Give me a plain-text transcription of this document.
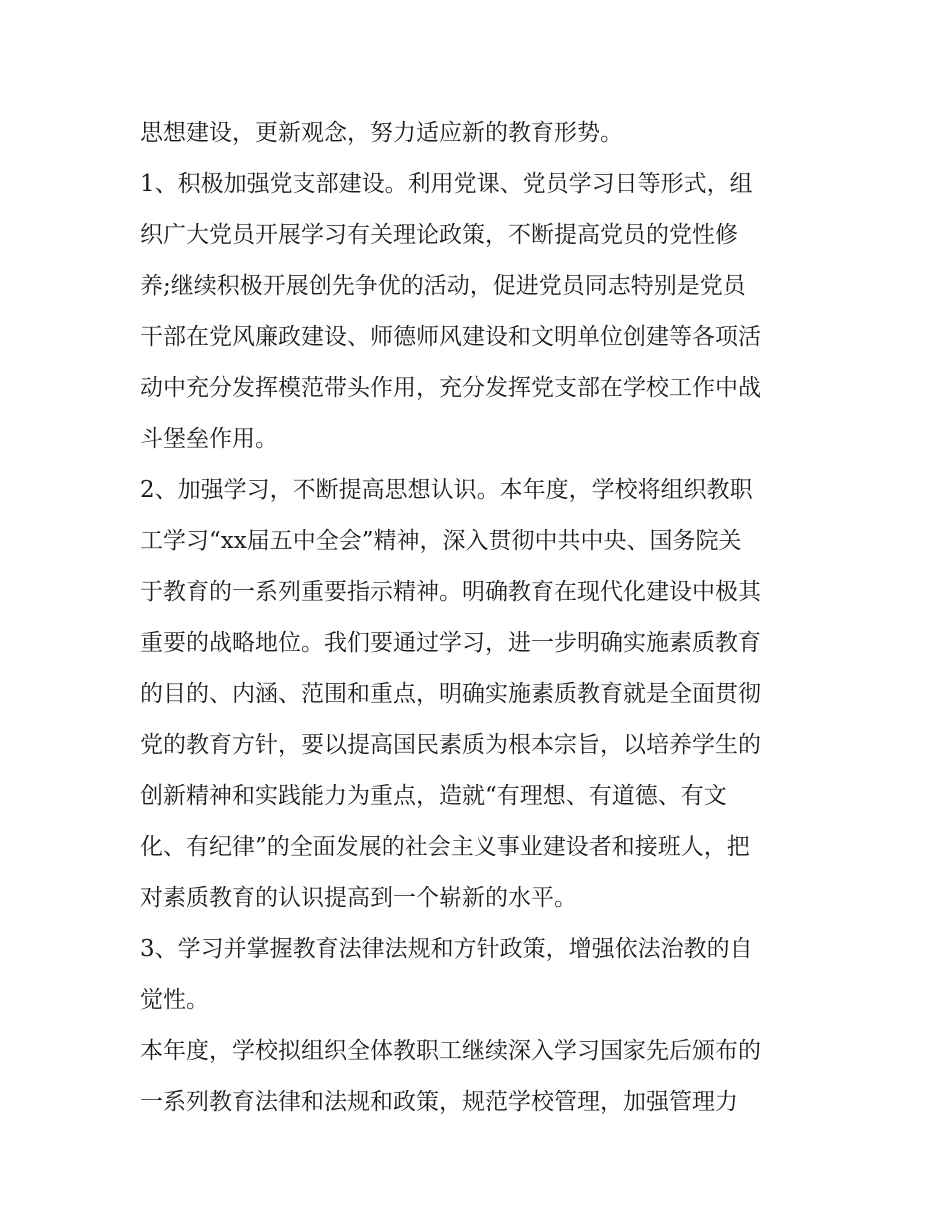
思想建设，更新观念，努力适应新的教育形势。
1、积极加强党支部建设。利用党课、党员学习日等形式，组
织广大党员开展学习有关理论政策，不断提高党员的党性修
养;继续积极开展创先争优的活动，促进党员同志特别是党员
干部在党风廉政建设、师德师风建设和文明单位创建等各项活
动中充分发挥模范带头作用，充分发挥党支部在学校工作中战
斗堡垒作用。
2、加强学习，不断提高思想认识。本年度，学校将组织教职
工学习“xx届五中全会”精神，深入贯彻中共中央、国务院关
于教育的一系列重要指示精神。明确教育在现代化建设中极其
重要的战略地位。我们要通过学习，进一步明确实施素质教育
的目的、内涵、范围和重点，明确实施素质教育就是全面贯彻
党的教育方针，要以提高国民素质为根本宗旨，以培养学生的
创新精神和实践能力为重点，造就“有理想、有道德、有文
化、有纪律”的全面发展的社会主义事业建设者和接班人，把
对素质教育的认识提高到一个崭新的水平。
3、学习并掌握教育法律法规和方针政策，增强依法治教的自
觉性。
本年度，学校拟组织全体教职工继续深入学习国家先后颁布的
一系列教育法律和法规和政策，规范学校管理，加强管理力
